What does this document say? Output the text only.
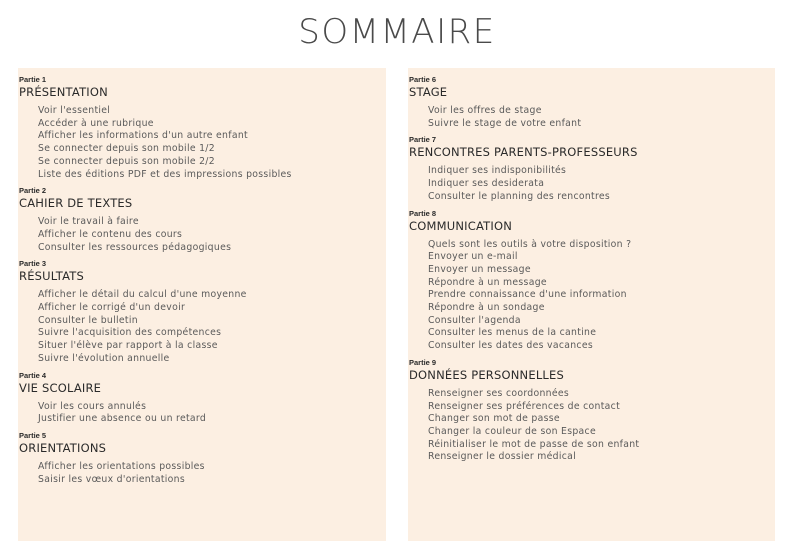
SOMMAIRE
Partie 1
PRÉSENTATION
Voir l'essentiel
Accéder à une rubrique
Afficher les informations d'un autre enfant
Se connecter depuis son mobile 1/2
Se connecter depuis son mobile 2/2
Liste des éditions PDF et des impressions possibles
Partie 2
CAHIER DE TEXTES
Voir le travail à faire
Afficher le contenu des cours
Consulter les ressources pédagogiques
Partie 3
RÉSULTATS
Afficher le détail du calcul d'une moyenne
Afficher le corrigé d'un devoir
Consulter le bulletin
Suivre l'acquisition des compétences
Situer l'élève par rapport à la classe
Suivre l'évolution annuelle
Partie 4
VIE SCOLAIRE
Voir les cours annulés
Justifier une absence ou un retard
Partie 5
ORIENTATIONS
Afficher les orientations possibles
Saisir les vœux d'orientations
Partie 6
STAGE
Voir les offres de stage
Suivre le stage de votre enfant
Partie 7
RENCONTRES PARENTS-PROFESSEURS
Indiquer ses indisponibilités
Indiquer ses desiderata
Consulter le planning des rencontres
Partie 8
COMMUNICATION
Quels sont les outils à votre disposition ?
Envoyer un e-mail
Envoyer un message
Répondre à un message
Prendre connaissance d'une information
Répondre à un sondage
Consulter l'agenda
Consulter les menus de la cantine
Consulter les dates des vacances
Partie 9
DONNÉES PERSONNELLES
Renseigner ses coordonnées
Renseigner ses préférences de contact
Changer son mot de passe
Changer la couleur de son Espace
Réinitialiser le mot de passe de son enfant
Renseigner le dossier médical
